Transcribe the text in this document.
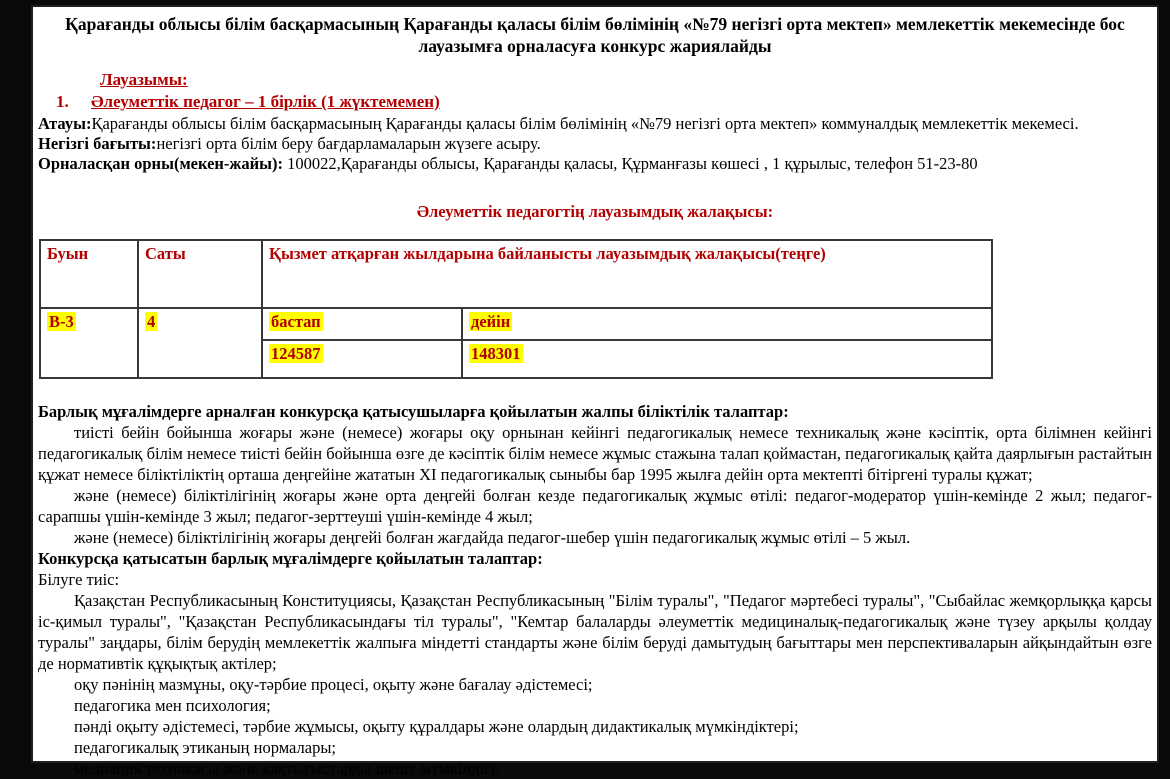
Қарағанды облысы білім басқармасының Қарағанды қаласы білім бөлімінің «№79 негізгі орта мектеп» мемлекеттік мекемесінде бос лауазымға орналасуға конкурс жариялайды
Лауазымы:
1.	Әлеуметтік педагог – 1 бірлік (1 жүктемемен)

Атауы:Қарағанды облысы білім басқармасының Қарағанды қаласы білім бөлімінің «№79 негізгі орта мектеп» коммуналдық мемлекеттік мекемесі.

Негізгі бағыты:негізгі орта білім беру бағдарламаларын жүзеге асыру.

Орналасқан орны(мекен-жайы): 100022,Қарағанды облысы, Қарағанды қаласы, Құрманғазы көшесі , 1 құрылыс, телефон 51-23-80

Әлеуметтік педагогтің лауазымдық жалақысы:
Буын	Саты	Қызмет атқарған жылдарына байланысты лауазымдық жалақысы(теңге)	
В-3	4	бастап	дейін
		124587	148301

Барлық мұғалімдерге арналған конкурсқа қатысушыларға қойылатын жалпы біліктілік талаптар:

тиісті бейін бойынша жоғары және (немесе) жоғары оқу орнынан кейінгі педагогикалық немесе техникалық және кәсіптік, орта білімнен кейінгі педагогикалық білім немесе тиісті бейін бойынша өзге де кәсіптік білім немесе жұмыс стажына талап қоймастан, педагогикалық қайта даярлығын растайтын құжат немесе біліктіліктің орташа деңгейіне жататын XI педагогикалық сыныбы бар 1995 жылға дейін орта мектепті бітіргені туралы құжат;

және (немесе) біліктілігінің жоғары және орта деңгейі болған кезде педагогикалық жұмыс өтілі: педагог-модератор үшін-кемінде 2 жыл; педагог-сарапшы үшін-кемінде 3 жыл; педагог-зерттеуші үшін-кемінде 4 жыл;

және (немесе) біліктілігінің жоғары деңгейі болған жағдайда педагог-шебер үшін педагогикалық жұмыс өтілі – 5 жыл.

Конкурсқа қатысатын барлық мұғалімдерге қойылатын талаптар:

Білуге тиіс:

Қазақстан Республикасының Конституциясы, Қазақстан Республикасының "Білім туралы", "Педагог мәртебесі туралы", "Сыбайлас жемқорлыққа қарсы іс-қимыл туралы", "Қазақстан Республикасындағы тіл туралы", "Кемтар балаларды әлеуметтік медициналық-педагогикалық және түзеу арқылы қолдау туралы" заңдары, білім берудің мемлекеттік жалпыға міндетті стандарты және білім беруді дамытудың бағыттары мен перспективаларын айқындайтын өзге де нормативтік құқықтық актілер;

оқу пәнінің мазмұны, оқу-тәрбие процесі, оқыту және бағалау әдістемесі;

педагогика мен психология;

пәнді оқыту әдістемесі, тәрбие жұмысы, оқыту құралдары және олардың дидактикалық мүмкіндіктері;

педагогикалық этиканың нормалары;

медиация техникасы және қақтығыстарды шешу мүмкіндігі;
